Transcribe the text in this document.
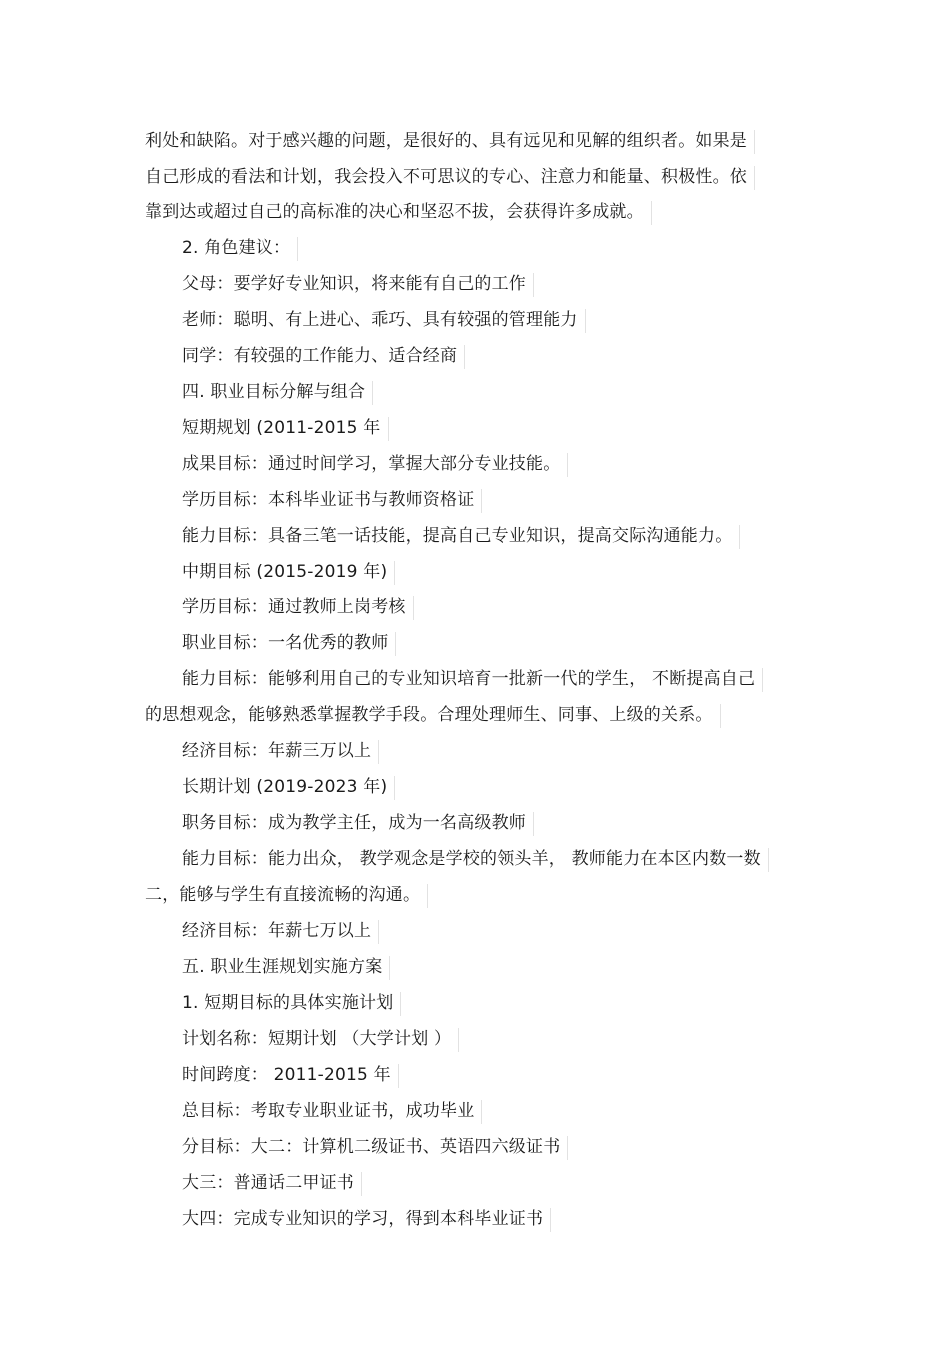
利处和缺陷。对于感兴趣的问题，是很好的、具有远见和见解的组织者。如果是
自己形成的看法和计划，我会投入不可思议的专心、注意力和能量、积极性。依
靠到达或超过自己的高标准的决心和坚忍不拔，会获得许多成就。
2. 角色建议：
父母：要学好专业知识，将来能有自己的工作
老师：聪明、有上进心、乖巧、具有较强的管理能力
同学：有较强的工作能力、适合经商
四. 职业目标分解与组合
短期规划 (2011-2015 年
成果目标：通过时间学习，掌握大部分专业技能。
学历目标：本科毕业证书与教师资格证
能力目标：具备三笔一话技能，提高自己专业知识，提高交际沟通能力。
中期目标 (2015-2019 年)
学历目标：通过教师上岗考核
职业目标：一名优秀的教师
能力目标：能够利用自己的专业知识培育一批新一代的学生， 不断提高自己
的思想观念，能够熟悉掌握教学手段。合理处理师生、同事、上级的关系。
经济目标：年薪三万以上
长期计划 (2019-2023 年)
职务目标：成为教学主任，成为一名高级教师
能力目标：能力出众， 教学观念是学校的领头羊， 教师能力在本区内数一数
二，能够与学生有直接流畅的沟通。
经济目标：年薪七万以上
五. 职业生涯规划实施方案
1. 短期目标的具体实施计划
计划名称：短期计划 （大学计划 ）
时间跨度： 2011-2015 年
总目标：考取专业职业证书，成功毕业
分目标：大二：计算机二级证书、英语四六级证书
大三：普通话二甲证书
大四：完成专业知识的学习，得到本科毕业证书
